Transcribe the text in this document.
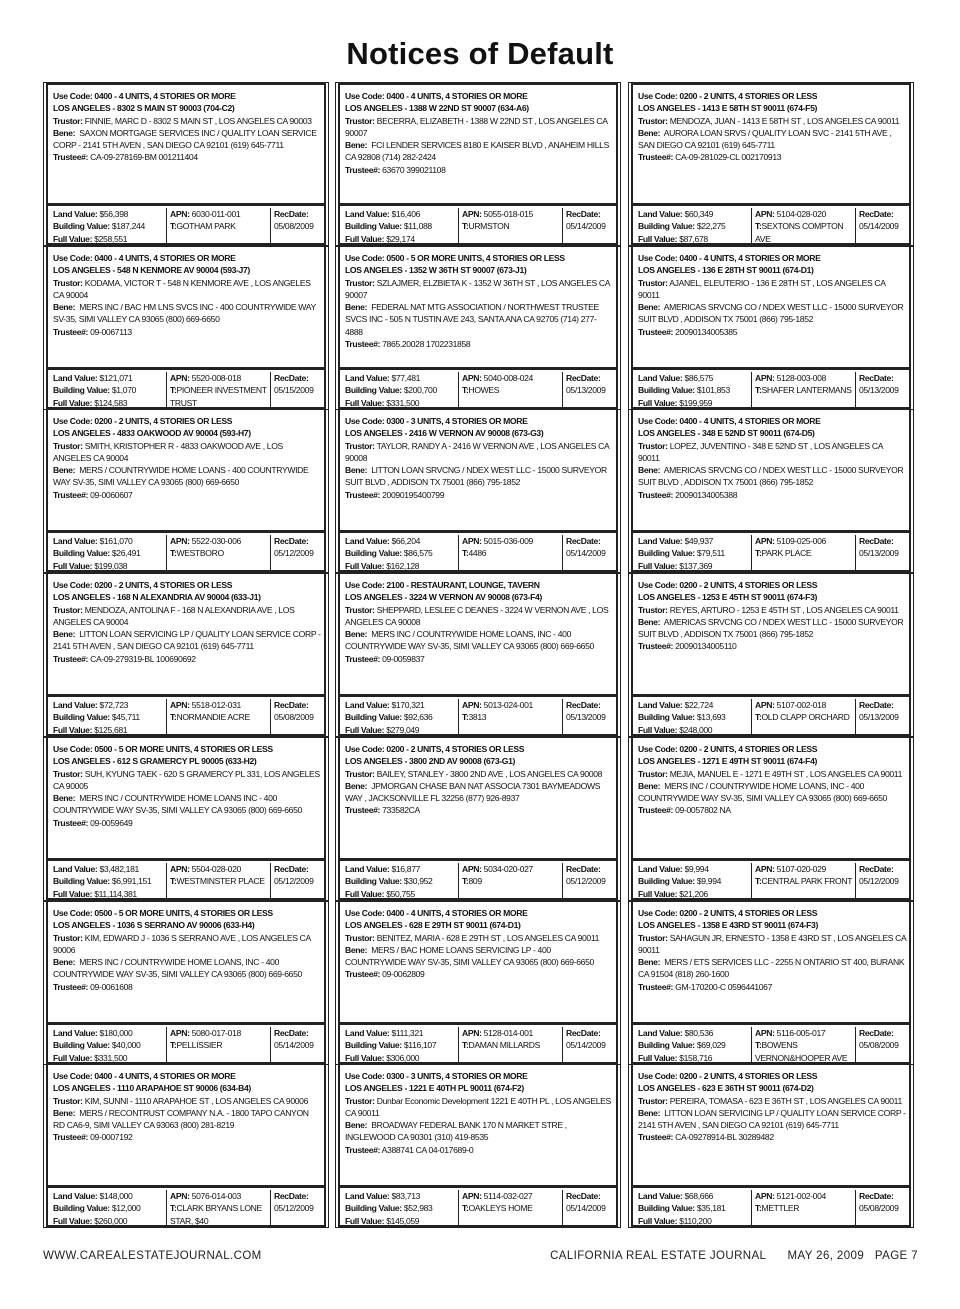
Notices of Default
Use Code: 0400 - 4 UNITS, 4 STORIES OR MORE
LOS ANGELES - 8302 S MAIN ST 90003 (704-C2)
Trustor: FINNIE, MARC D - 8302 S MAIN ST , LOS ANGELES CA 90003
Bene: SAXON MORTGAGE SERVICES INC / QUALITY LOAN SERVICE CORP - 2141 5TH AVEN , SAN DIEGO CA 92101 (619) 645-7711
Trustee#: CA-09-278169-BM 001211404
Land Value: $56,398
Building Value: $187,244
Full Value: $258,551
APN: 6030-011-001
T:GOTHAM PARK
RecDate:
05/08/2009
Use Code: 0400 - 4 UNITS, 4 STORIES OR MORE
LOS ANGELES - 548 N KENMORE AV 90004 (593-J7)
Trustor: KODAMA, VICTOR T - 548 N KENMORE AVE , LOS ANGELES CA 90004
Bene: MERS INC / BAC HM LNS SVCS INC - 400 COUNTRYWIDE WAY SV-35, SIMI VALLEY CA 93065 (800) 669-6650
Trustee#: 09-0067113
Land Value: $121,071
Building Value: $1,070
Full Value: $124,583
APN: 5520-008-018
T:PIONEER INVESTMENT TRUST
RecDate:
05/15/2009
Use Code: 0200 - 2 UNITS, 4 STORIES OR LESS
LOS ANGELES - 4833 OAKWOOD AV 90004 (593-H7)
Trustor: SMITH, KRISTOPHER R - 4833 OAKWOOD AVE , LOS ANGELES CA 90004
Bene: MERS / COUNTRYWIDE HOME LOANS - 400 COUNTRYWIDE WAY SV-35, SIMI VALLEY CA 93065 (800) 669-6650
Trustee#: 09-0060607
Land Value: $161,070
Building Value: $26,491
Full Value: $199,038
APN: 5522-030-006
T:WESTBORO
RecDate:
05/12/2009
Use Code: 0200 - 2 UNITS, 4 STORIES OR LESS
LOS ANGELES - 168 N ALEXANDRIA AV 90004 (633-J1)
Trustor: MENDOZA, ANTOLINA F - 168 N ALEXANDRIA AVE , LOS ANGELES CA 90004
Bene: LITTON LOAN SERVICING LP / QUALITY LOAN SERVICE CORP - 2141 5TH AVEN , SAN DIEGO CA 92101 (619) 645-7711
Trustee#: CA-09-279319-BL 100690692
Land Value: $72,723
Building Value: $45,711
Full Value: $125,681
APN: 5518-012-031
T:NORMANDIE ACRE
RecDate:
05/08/2009
Use Code: 0500 - 5 OR MORE UNITS, 4 STORIES OR LESS
LOS ANGELES - 612 S GRAMERCY PL 90005 (633-H2)
Trustor: SUH, KYUNG TAEK - 620 S GRAMERCY PL 331, LOS ANGELES CA 90005
Bene: MERS INC / COUNTRYWIDE HOME LOANS INC - 400 COUNTRYWIDE WAY SV-35, SIMI VALLEY CA 93065 (800) 669-6650
Trustee#: 09-0059649
Land Value: $3,482,181
Building Value: $6,991,151
Full Value: $11,114,381
APN: 5504-028-020
T:WESTMINSTER PLACE
RecDate:
05/12/2009
Use Code: 0500 - 5 OR MORE UNITS, 4 STORIES OR LESS
LOS ANGELES - 1036 S SERRANO AV 90006 (633-H4)
Trustor: KIM, EDWARD J - 1036 S SERRANO AVE , LOS ANGELES CA 90006
Bene: MERS INC / COUNTRYWIDE HOME LOANS, INC - 400 COUNTRYWIDE WAY SV-35, SIMI VALLEY CA 93065 (800) 669-6650
Trustee#: 09-0061608
Land Value: $180,000
Building Value: $40,000
Full Value: $331,500
APN: 5080-017-018
T:PELLISSIER
RecDate:
05/14/2009
Use Code: 0400 - 4 UNITS, 4 STORIES OR MORE
LOS ANGELES - 1110 ARAPAHOE ST 90006 (634-B4)
Trustor: KIM, SUNNI - 1110 ARAPAHOE ST , LOS ANGELES CA 90006
Bene: MERS / RECONTRUST COMPANY N.A. - 1800 TAPO CANYON RD CA6-9, SIMI VALLEY CA 93063 (800) 281-8219
Trustee#: 09-0007192
Land Value: $148,000
Building Value: $12,000
Full Value: $260,000
APN: 5076-014-003
T:CLARK BRYANS LONE STAR, $40
RecDate:
05/12/2009
Use Code: 0400 - 4 UNITS, 4 STORIES OR MORE
LOS ANGELES - 1388 W 22ND ST 90007 (634-A6)
Trustor: BECERRA, ELIZABETH - 1388 W 22ND ST , LOS ANGELES CA 90007
Bene: FCI LENDER SERVICES 8180 E KAISER BLVD , ANAHEIM HILLS CA 92808 (714) 282-2424
Trustee#: 63670 399021108
Land Value: $16,406
Building Value: $11,088
Full Value: $29,174
APN: 5055-018-015
T:URMSTON
RecDate:
05/14/2009
Use Code: 0500 - 5 OR MORE UNITS, 4 STORIES OR LESS
LOS ANGELES - 1352 W 36TH ST 90007 (673-J1)
Trustor: SZLAJMER, ELZBIETA K - 1352 W 36TH ST , LOS ANGELES CA 90007
Bene: FEDERAL NAT MTG ASSOCIATION / NORTHWEST TRUSTEE SVCS INC - 505 N TUSTIN AVE 243, SANTA ANA CA 92705 (714) 277-4888
Trustee#: 7865.20028 1702231858
Land Value: $77,481
Building Value: $200,700
Full Value: $331,500
APN: 5040-008-024
T:HOWES
RecDate:
05/13/2009
Use Code: 0300 - 3 UNITS, 4 STORIES OR MORE
LOS ANGELES - 2416 W VERNON AV 90008 (673-G3)
Trustor: TAYLOR, RANDY A - 2416 W VERNON AVE , LOS ANGELES CA 90008
Bene: LITTON LOAN SRVCNG / NDEX WEST LLC - 15000 SURVEYOR SUIT BLVD , ADDISON TX 75001 (866) 795-1852
Trustee#: 20090195400799
Land Value: $66,204
Building Value: $86,575
Full Value: $162,128
APN: 5015-036-009
T:4486
RecDate:
05/14/2009
Use Code: 2100 - RESTAURANT, LOUNGE, TAVERN
LOS ANGELES - 3224 W VERNON AV 90008 (673-F4)
Trustor: SHEPPARD, LESLEE C DEANES - 3224 W VERNON AVE , LOS ANGELES CA 90008
Bene: MERS INC / COUNTRYWIDE HOME LOANS, INC - 400 COUNTRYWIDE WAY SV-35, SIMI VALLEY CA 93065 (800) 669-6650
Trustee#: 09-0059837
Land Value: $170,321
Building Value: $92,636
Full Value: $279,049
APN: 5013-024-001
T:3813
RecDate:
05/13/2009
Use Code: 0200 - 2 UNITS, 4 STORIES OR LESS
LOS ANGELES - 3800 2ND AV 90008 (673-G1)
Trustor: BAILEY, STANLEY - 3800 2ND AVE , LOS ANGELES CA 90008
Bene: JPMORGAN CHASE BAN NAT ASSOCIA 7301 BAYMEADOWS WAY , JACKSONVILLE FL 32256 (877) 926-8937
Trustee#: 733582CA
Land Value: $16,877
Building Value: $30,952
Full Value: $50,755
APN: 5034-020-027
T:809
RecDate:
05/12/2009
Use Code: 0400 - 4 UNITS, 4 STORIES OR MORE
LOS ANGELES - 628 E 29TH ST 90011 (674-D1)
Trustor: BENITEZ, MARIA - 628 E 29TH ST , LOS ANGELES CA 90011
Bene: MERS / BAC HOME LOANS SERVICING LP - 400 COUNTRYWIDE WAY SV-35, SIMI VALLEY CA 93065 (800) 669-6650
Trustee#: 09-0062809
Land Value: $111,321
Building Value: $116,107
Full Value: $306,000
APN: 5128-014-001
T:DAMAN MILLARDS
RecDate:
05/14/2009
Use Code: 0300 - 3 UNITS, 4 STORIES OR MORE
LOS ANGELES - 1221 E 40TH PL 90011 (674-F2)
Trustor: Dunbar Economic Development 1221 E 40TH PL , LOS ANGELES CA 90011
Bene: BROADWAY FEDERAL BANK 170 N MARKET STRE , INGLEWOOD CA 90301 (310) 419-8535
Trustee#: A388741 CA 04-017689-0
Land Value: $83,713
Building Value: $52,983
Full Value: $145,059
APN: 5114-032-027
T:OAKLEYS HOME
RecDate:
05/14/2009
Use Code: 0200 - 2 UNITS, 4 STORIES OR LESS
LOS ANGELES - 1413 E 58TH ST 90011 (674-F5)
Trustor: MENDOZA, JUAN - 1413 E 58TH ST , LOS ANGELES CA 90011
Bene: AURORA LOAN SRVS / QUALITY LOAN SVC - 2141 5TH AVE , SAN DIEGO CA 92101 (619) 645-7711
Trustee#: CA-09-281029-CL 002170913
Land Value: $60,349
Building Value: $22,275
Full Value: $87,678
APN: 5104-028-020
T:SEXTONS COMPTON AVE
RecDate:
05/14/2009
Use Code: 0400 - 4 UNITS, 4 STORIES OR MORE
LOS ANGELES - 136 E 28TH ST 90011 (674-D1)
Trustor: AJANEL, ELEUTERIO - 136 E 28TH ST , LOS ANGELES CA 90011
Bene: AMERICAS SRVCNG CO / NDEX WEST LLC - 15000 SURVEYOR SUIT BLVD , ADDISON TX 75001 (866) 795-1852
Trustee#: 20090134005385
Land Value: $86,575
Building Value: $101,853
Full Value: $199,959
APN: 5128-003-008
T:SHAFER LANTERMANS
RecDate:
05/13/2009
Use Code: 0400 - 4 UNITS, 4 STORIES OR MORE
LOS ANGELES - 348 E 52ND ST 90011 (674-D5)
Trustor: LOPEZ, JUVENTINO - 348 E 52ND ST , LOS ANGELES CA 90011
Bene: AMERICAS SRVCNG CO / NDEX WEST LLC - 15000 SURVEYOR SUIT BLVD , ADDISON TX 75001 (866) 795-1852
Trustee#: 20090134005388
Land Value: $49,937
Building Value: $79,511
Full Value: $137,369
APN: 5109-025-006
T:PARK PLACE
RecDate:
05/13/2009
Use Code: 0200 - 2 UNITS, 4 STORIES OR LESS
LOS ANGELES - 1253 E 45TH ST 90011 (674-F3)
Trustor: REYES, ARTURO - 1253 E 45TH ST , LOS ANGELES CA 90011
Bene: AMERICAS SRVCNG CO / NDEX WEST LLC - 15000 SURVEYOR SUIT BLVD , ADDISON TX 75001 (866) 795-1852
Trustee#: 20090134005110
Land Value: $22,724
Building Value: $13,693
Full Value: $248,000
APN: 5107-002-018
T:OLD CLAPP ORCHARD
RecDate:
05/13/2009
Use Code: 0200 - 2 UNITS, 4 STORIES OR LESS
LOS ANGELES - 1271 E 49TH ST 90011 (674-F4)
Trustor: MEJIA, MANUEL E - 1271 E 49TH ST , LOS ANGELES CA 90011
Bene: MERS INC / COUNTRYWIDE HOME LOANS, INC - 400 COUNTRYWIDE WAY SV-35, SIMI VALLEY CA 93065 (800) 669-6650
Trustee#: 09-0057802 NA
Land Value: $9,994
Building Value: $9,994
Full Value: $21,206
APN: 5107-020-029
T:CENTRAL PARK FRONT
RecDate:
05/12/2009
Use Code: 0200 - 2 UNITS, 4 STORIES OR LESS
LOS ANGELES - 1358 E 43RD ST 90011 (674-F3)
Trustor: SAHAGUN JR, ERNESTO - 1358 E 43RD ST , LOS ANGELES CA 90011
Bene: MERS / ETS SERVICES LLC - 2255 N ONTARIO ST 400, BURANK CA 91504 (818) 260-1600
Trustee#: GM-170200-C 0596441067
Land Value: $80,536
Building Value: $69,029
Full Value: $158,716
APN: 5116-005-017
T:BOWENS VERNON&HOOPER AVE
RecDate:
05/08/2009
Use Code: 0200 - 2 UNITS, 4 STORIES OR LESS
LOS ANGELES - 623 E 36TH ST 90011 (674-D2)
Trustor: PEREIRA, TOMASA - 623 E 36TH ST , LOS ANGELES CA 90011
Bene: LITTON LOAN SERVICING LP / QUALITY LOAN SERVICE CORP - 2141 5TH AVEN , SAN DIEGO CA 92101 (619) 645-7711
Trustee#: CA-09278914-BL 30289482
Land Value: $68,666
Building Value: $35,181
Full Value: $110,200
APN: 5121-002-004
T:METTLER
RecDate:
05/08/2009
WWW.CAREALESTATEJOURNAL.COM	CALIFORNIA REAL ESTATE JOURNAL      MAY 26, 2009   PAGE 7
